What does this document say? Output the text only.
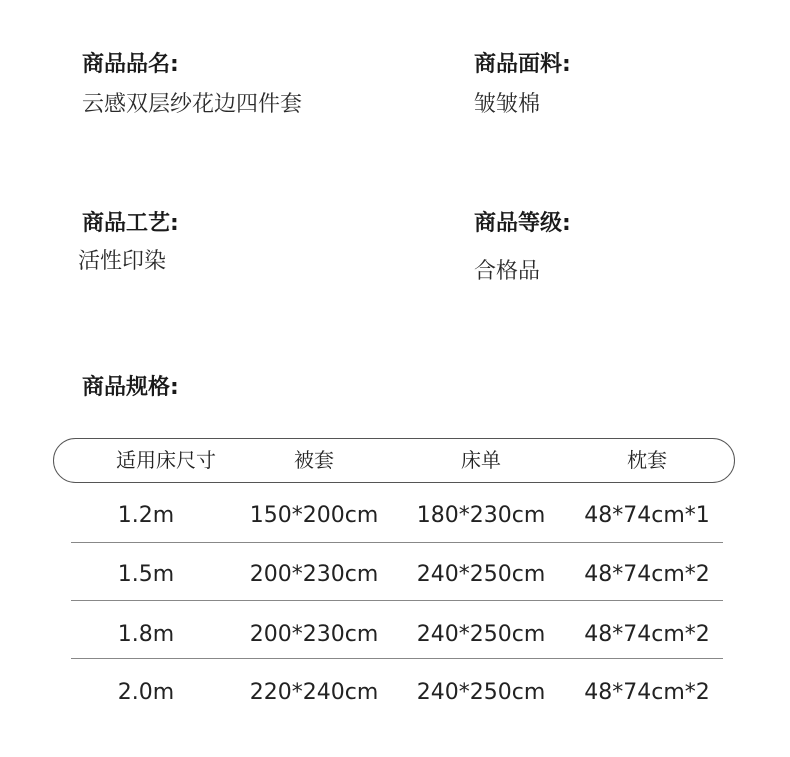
商品品名:
云感双层纱花边四件套
商品面料:
皱皱棉
商品工艺:
活性印染
商品等级:
合格品
商品规格:
适用床尺寸	被套	床单	枕套
1.2m	150*200cm	180*230cm	48*74cm*1
1.5m	200*230cm	240*250cm	48*74cm*2
1.8m	200*230cm	240*250cm	48*74cm*2
2.0m	220*240cm	240*250cm	48*74cm*2
